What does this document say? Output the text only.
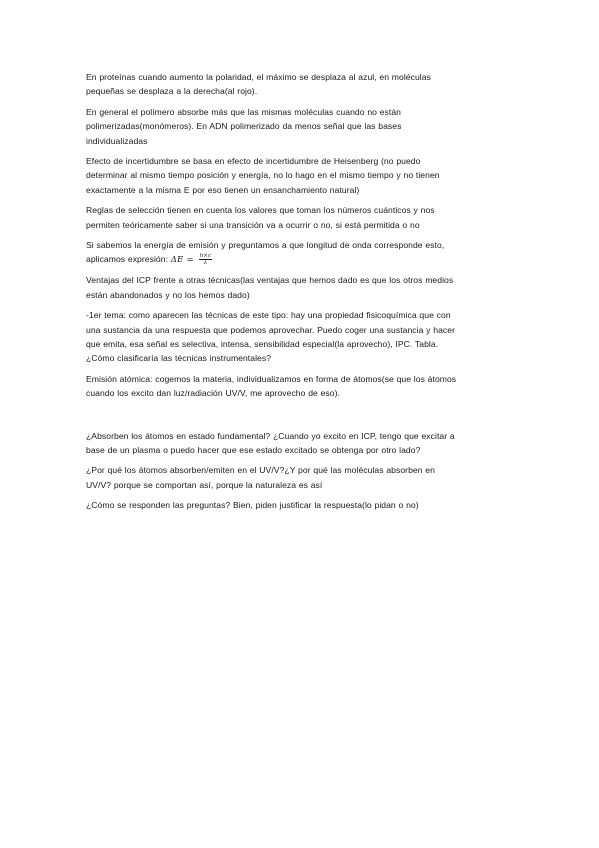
En proteínas cuando aumento la polaridad, el máximo se desplaza al azul, en moléculas
pequeñas se desplaza a la derecha(al rojo).

En general el polímero absorbe más que las mismas moléculas cuando no están
polimerizadas(monómeros). En ADN polimerizado da menos señal que las bases
individualizadas

Efecto de incertidumbre se basa en efecto de incertidumbre de Heisenberg (no puedo
determinar al mismo tiempo posición y energía, no lo hago en el mismo tiempo y no tienen
exactamente a la misma E por eso tienen un ensanchamiento natural)

Reglas de selección tienen en cuenta los valores que toman los números cuánticos y nos
permiten teóricamente saber si una transición va a ocurrir o no, si está permitida o no

Si sabemos la energía de emisión y preguntamos a que longitud de onda corresponde esto,
aplicamos expresión: $\Delta E = \frac{h\times c}{\lambda}$

Ventajas del ICP frente a otras técnicas(las ventajas que hemos dado es que los otros medios
están abandonados y no los hemos dado)

-1er tema: como aparecen las técnicas de este tipo: hay una propiedad fisicoquímica que con
una sustancia da una respuesta que podemos aprovechar. Puedo coger una sustancia y hacer
que emita, esa señal es selectiva, intensa, sensibilidad especial(la aprovecho), IPC. Tabla.
¿Cómo clasificaría las técnicas instrumentales?

Emisión atómica: cogemos la materia, individualizamos en forma de átomos(se que los átomos
cuando los excito dan luz/radiación UV/V, me aprovecho de eso).

¿Absorben los átomos en estado fundamental? ¿Cuando yo excito en ICP, tengo que excitar a
base de un plasma o puedo hacer que ese estado excitado se obtenga por otro lado?

¿Por qué los átomos absorben/emiten en el UV/V?¿Y por qué las moléculas absorben en
UV/V? porque se comportan así, porque la naturaleza es así

¿Cómo se responden las preguntas? Bien, piden justificar la respuesta(lo pidan o no)
